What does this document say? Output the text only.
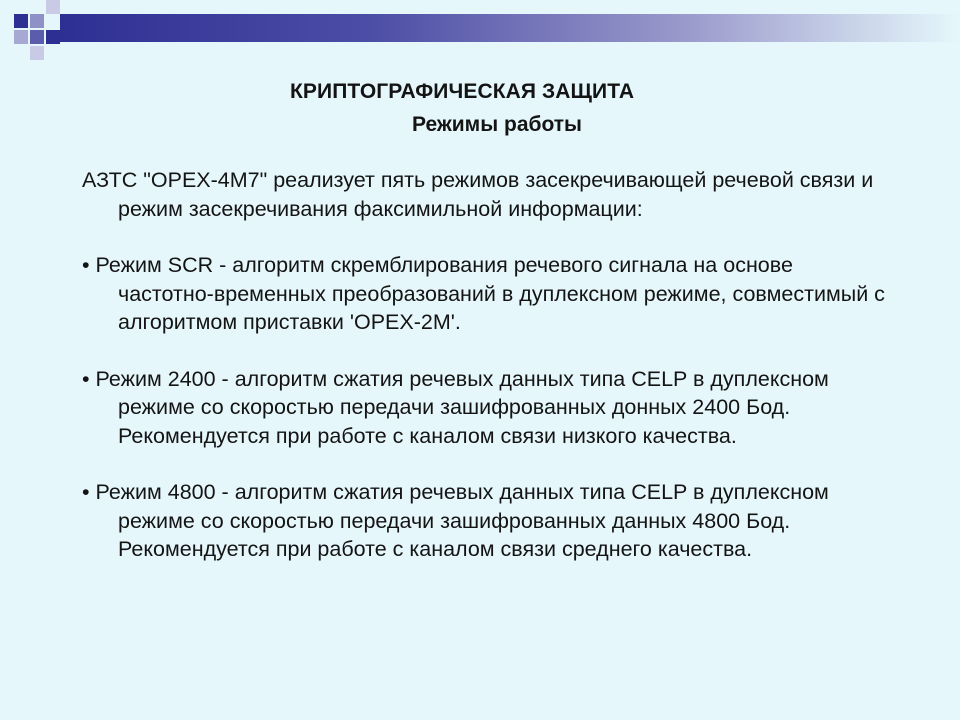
КРИПТОГРАФИЧЕСКАЯ ЗАЩИТА
Режимы работы

АЗТС "ОРЕХ-4М7" реализует пять режимов засекречивающей речевой связи и режим засекречивания факсимильной информации:

• Режим SCR - алгоритм скремблирования речевого сигнала на основе частотно-временных преобразований в дуплексном режиме, совместимый с алгоритмом приставки 'ОРЕХ-2М'.

• Режим 2400 - алгоритм сжатия речевых данных типа CELP в дуплексном режиме со скоростью передачи зашифрованных донных 2400 Бод. Рекомендуется при работе с каналом связи низкого качества.

• Режим 4800 - алгоритм сжатия речевых данных типа CELP в дуплексном режиме со скоростью передачи зашифрованных данных 4800 Бод. Рекомендуется при работе с каналом связи среднего качества.
